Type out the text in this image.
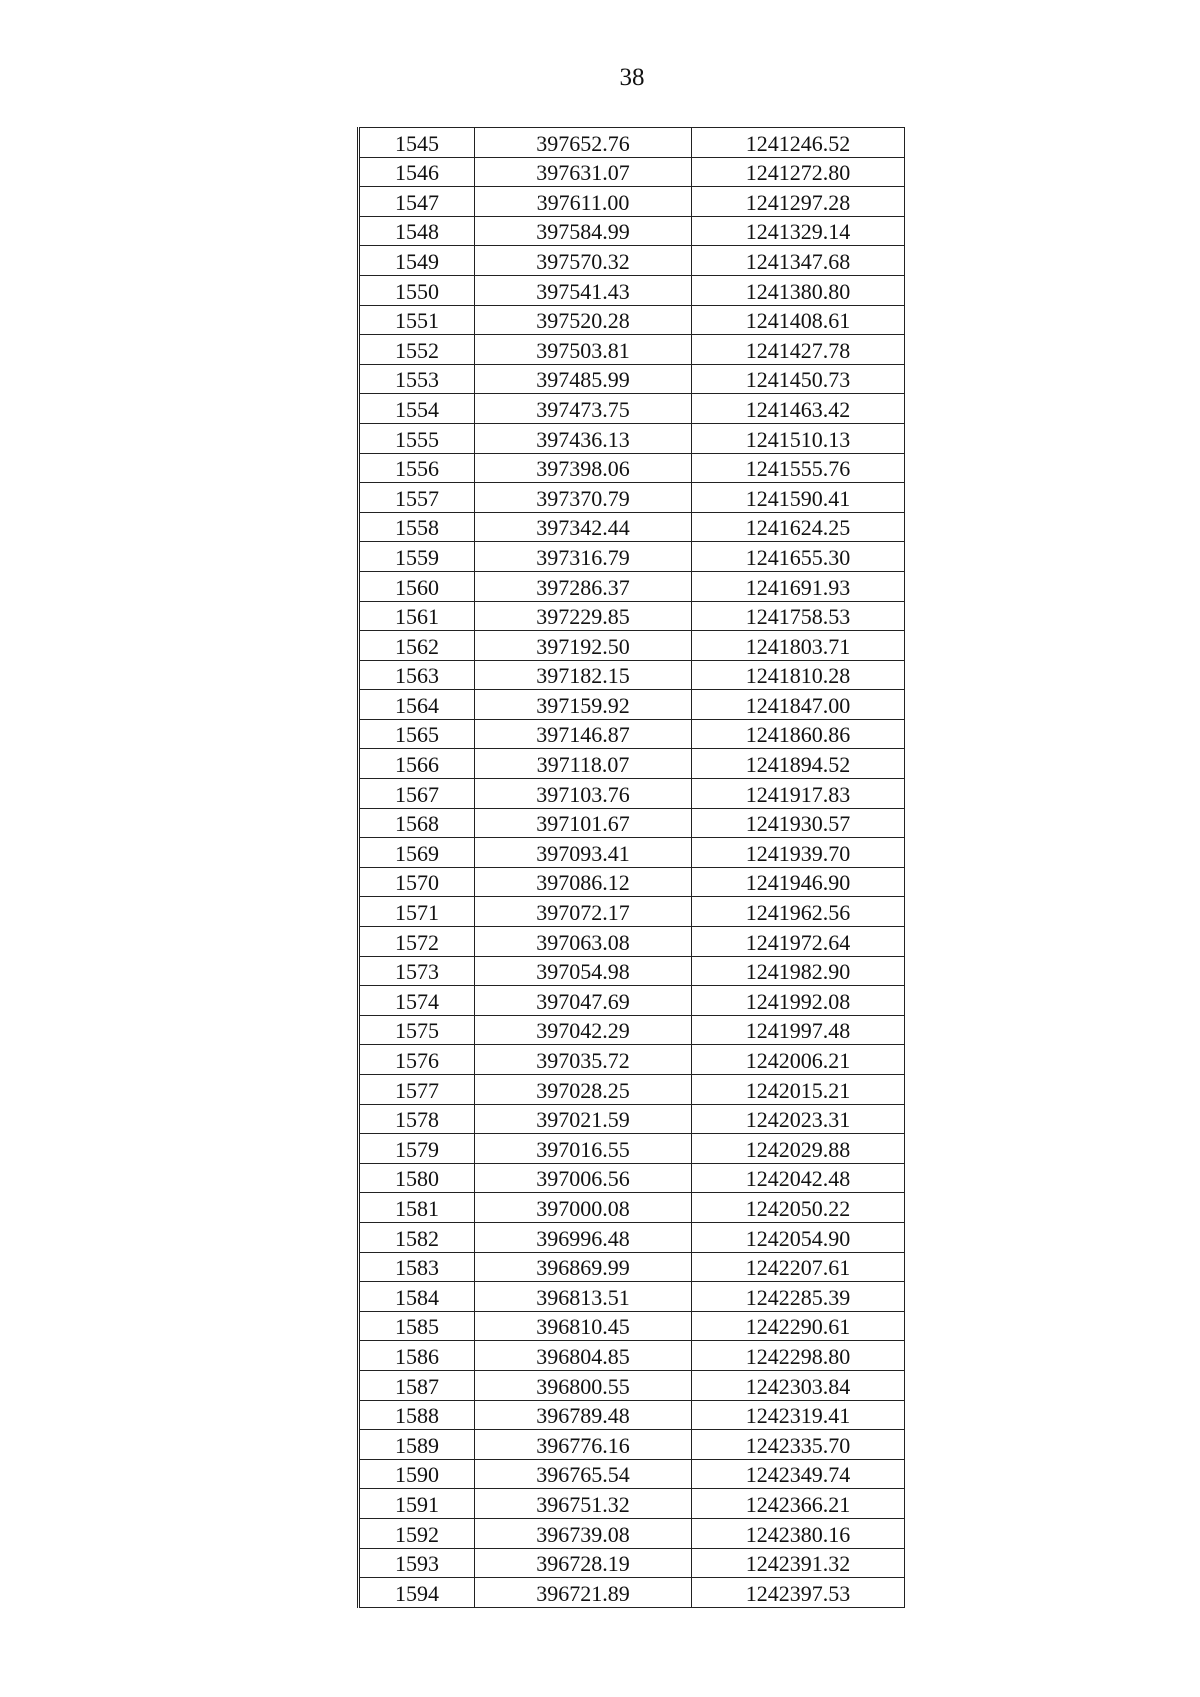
38
1545	397652.76	1241246.52
1546	397631.07	1241272.80
1547	397611.00	1241297.28
1548	397584.99	1241329.14
1549	397570.32	1241347.68
1550	397541.43	1241380.80
1551	397520.28	1241408.61
1552	397503.81	1241427.78
1553	397485.99	1241450.73
1554	397473.75	1241463.42
1555	397436.13	1241510.13
1556	397398.06	1241555.76
1557	397370.79	1241590.41
1558	397342.44	1241624.25
1559	397316.79	1241655.30
1560	397286.37	1241691.93
1561	397229.85	1241758.53
1562	397192.50	1241803.71
1563	397182.15	1241810.28
1564	397159.92	1241847.00
1565	397146.87	1241860.86
1566	397118.07	1241894.52
1567	397103.76	1241917.83
1568	397101.67	1241930.57
1569	397093.41	1241939.70
1570	397086.12	1241946.90
1571	397072.17	1241962.56
1572	397063.08	1241972.64
1573	397054.98	1241982.90
1574	397047.69	1241992.08
1575	397042.29	1241997.48
1576	397035.72	1242006.21
1577	397028.25	1242015.21
1578	397021.59	1242023.31
1579	397016.55	1242029.88
1580	397006.56	1242042.48
1581	397000.08	1242050.22
1582	396996.48	1242054.90
1583	396869.99	1242207.61
1584	396813.51	1242285.39
1585	396810.45	1242290.61
1586	396804.85	1242298.80
1587	396800.55	1242303.84
1588	396789.48	1242319.41
1589	396776.16	1242335.70
1590	396765.54	1242349.74
1591	396751.32	1242366.21
1592	396739.08	1242380.16
1593	396728.19	1242391.32
1594	396721.89	1242397.53
